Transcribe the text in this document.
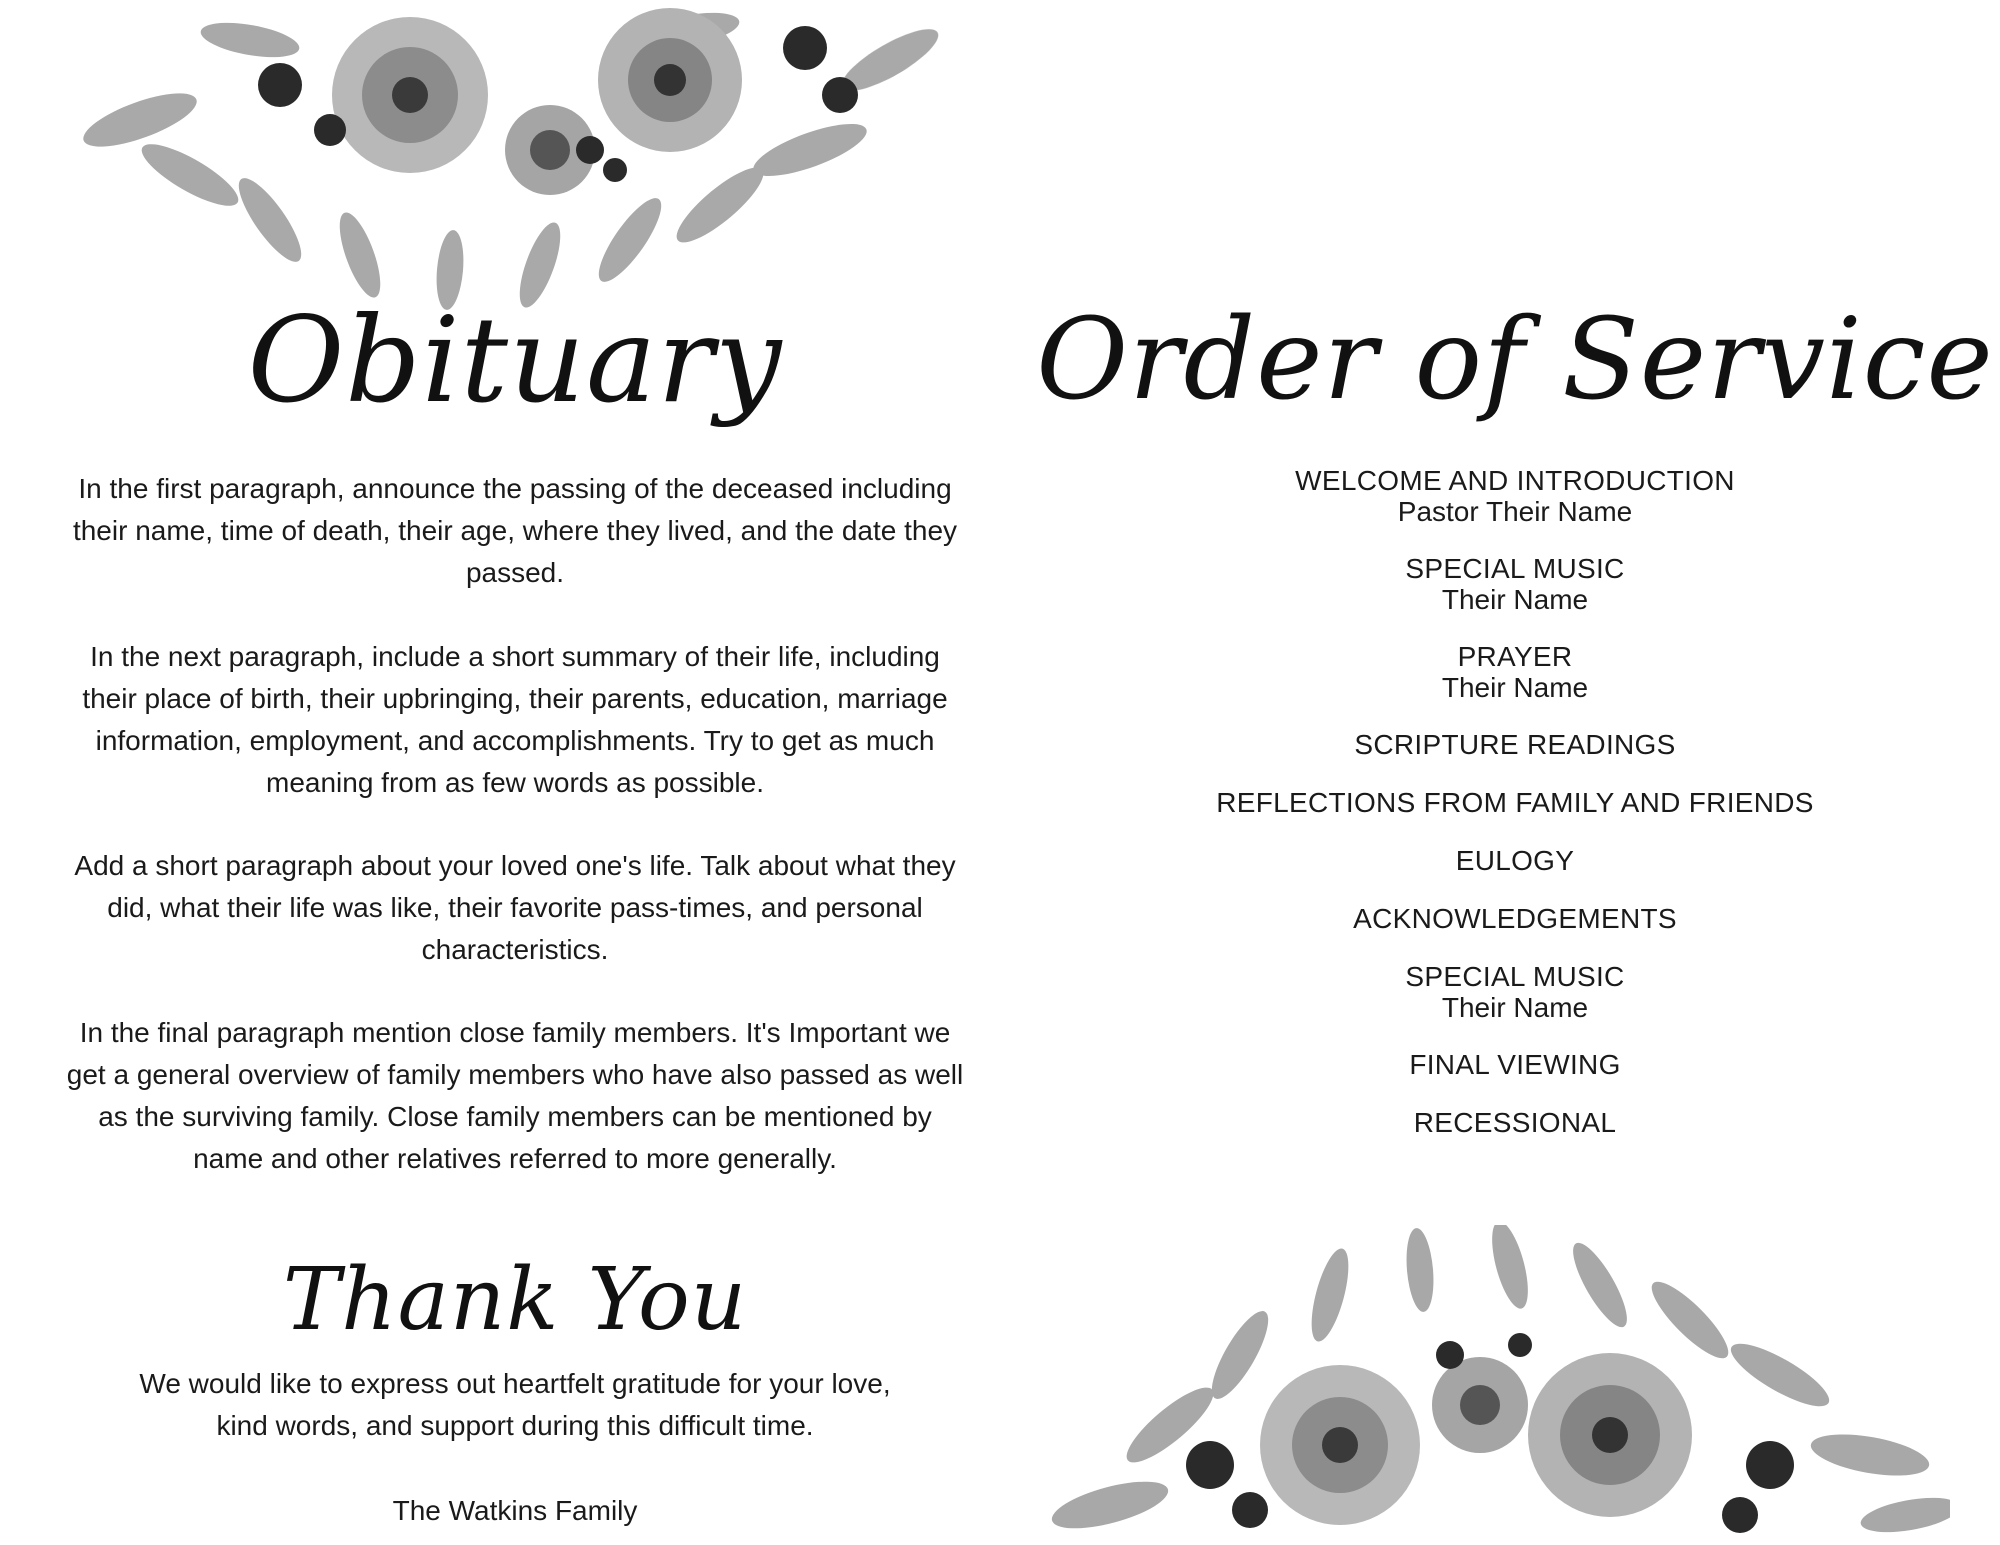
Obituary

In the first paragraph, announce the passing of the deceased including their name, time of death, their age, where they lived, and the date they passed.

In the next paragraph, include a short summary of their life, including their place of birth, their upbringing, their parents, education, marriage information, employment, and accomplishments. Try to get as much meaning from as few words as possible.

Add a short paragraph about your loved one's life. Talk about what they did, what their life was like, their favorite pass-times, and personal characteristics.

In the final paragraph mention close family members. It's Important we get a general overview of family members who have also passed as well as the surviving family. Close family members can be mentioned by name and other relatives referred to more generally.

Thank You

We would like to express out heartfelt gratitude for your love, kind words, and support during this difficult time.

The Watkins Family

Order of Service
WELCOME AND INTRODUCTION
Pastor Their Name
SPECIAL MUSIC
Their Name
PRAYER
Their Name
SCRIPTURE READINGS
REFLECTIONS FROM FAMILY AND FRIENDS
EULOGY
ACKNOWLEDGEMENTS
SPECIAL MUSIC
Their Name
FINAL VIEWING
RECESSIONAL
